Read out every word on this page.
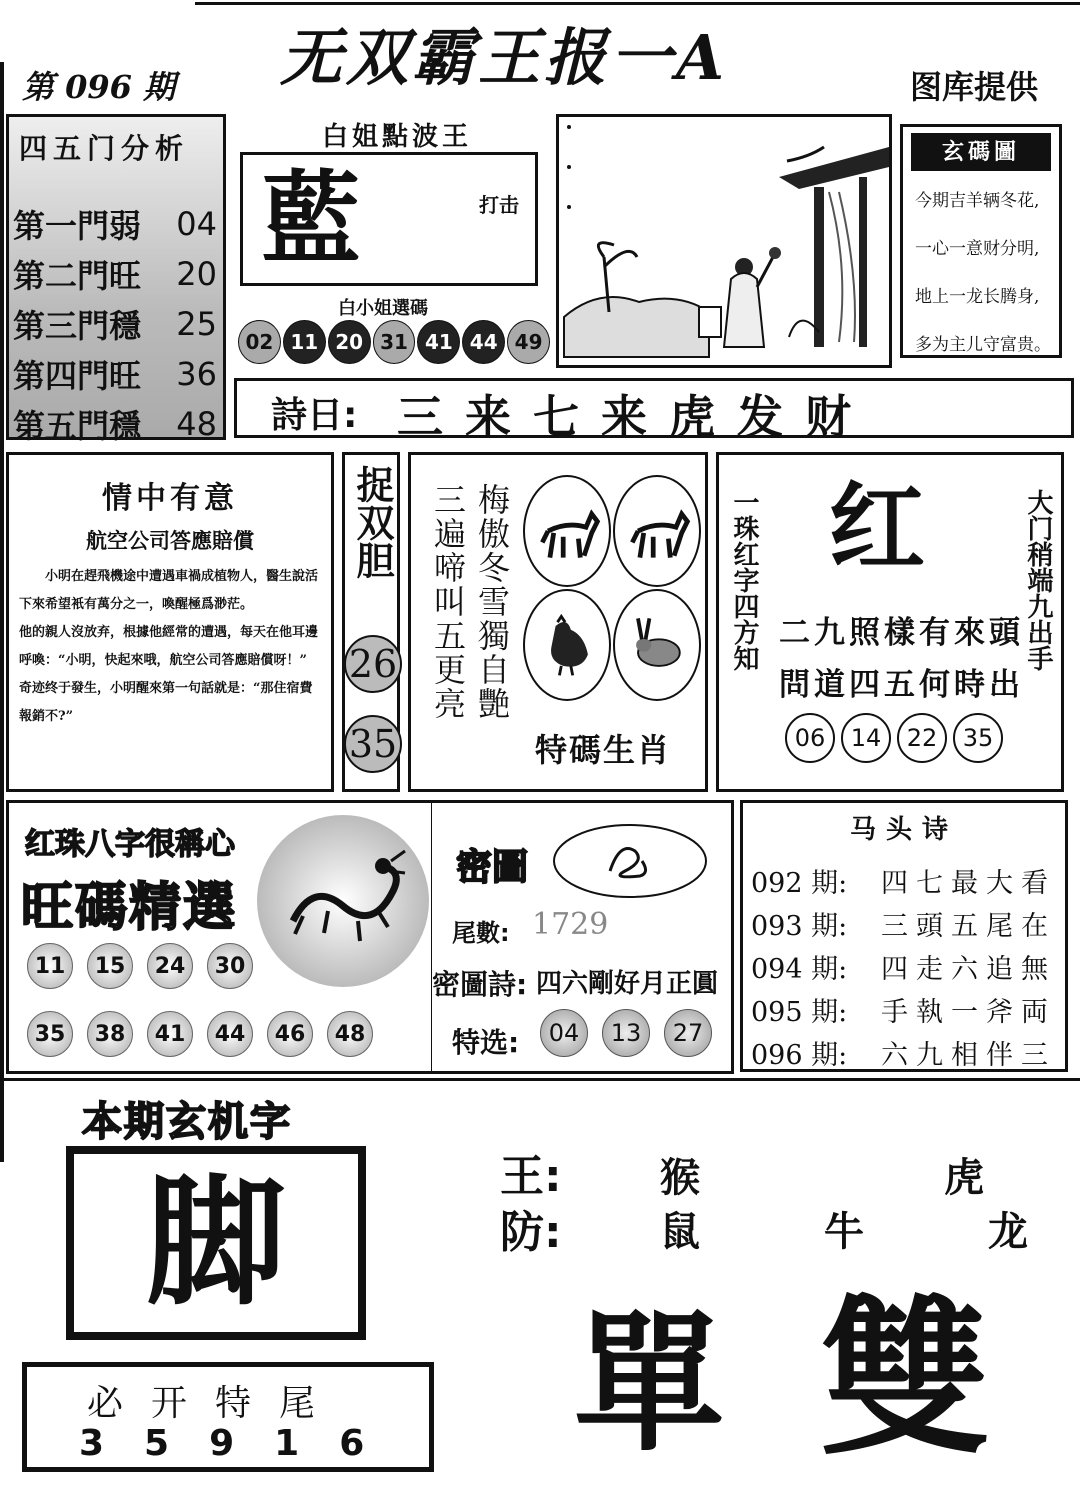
无双霸王报一A
第 096 期	图库提供
四五门分析
第一門弱 04
第二門旺 20
第三門穩 25
第四門旺 36
第五門穩 48
白姐點波王
藍	打击
白小姐選碼
02 11 20 31 41 44 49
玄碼圖
今期吉羊辆冬花,
一心一意财分明,
地上一龙长腾身,
多为主儿守富贵。
詩日: 三来七来虎发财
情中有意
航空公司答應賠償
小明在趕飛機途中遭遇車禍成植物人，醫生說活下來希望衹有萬分之一，喚醒極爲渺茫。
他的親人沒放弃，根據他經常的遭遇，每天在他耳邊呼喚：“小明，快起來哦，航空公司答應賠償呀！”
奇迹终于發生，小明醒來第一句話就是：“那住宿費報銷不?”
捉双胆
2635
三遍啼叫五更亮 梅傲冬雪獨自艷
特碼生肖
一珠红字四方知	大门稍端九出手
红
二九照樣有來頭
問道四五何時出
06	14	22	35
红珠八字很稱心
旺碼精選
11	15	24	30
35	38	41	44	46	48
密圖
尾數: 1729
密圖詩: 四六剛好月正圓
特选:	04	13	27
马头诗
092 期:	四七最大看
093 期:	三頭五尾在
094 期:	四走六追無
095 期:	手執一斧両
096 期:	六九相伴三
本期玄机字
脚
必开特尾
35916
王: 猴	虎
防: 鼠	牛	龙
單 雙
